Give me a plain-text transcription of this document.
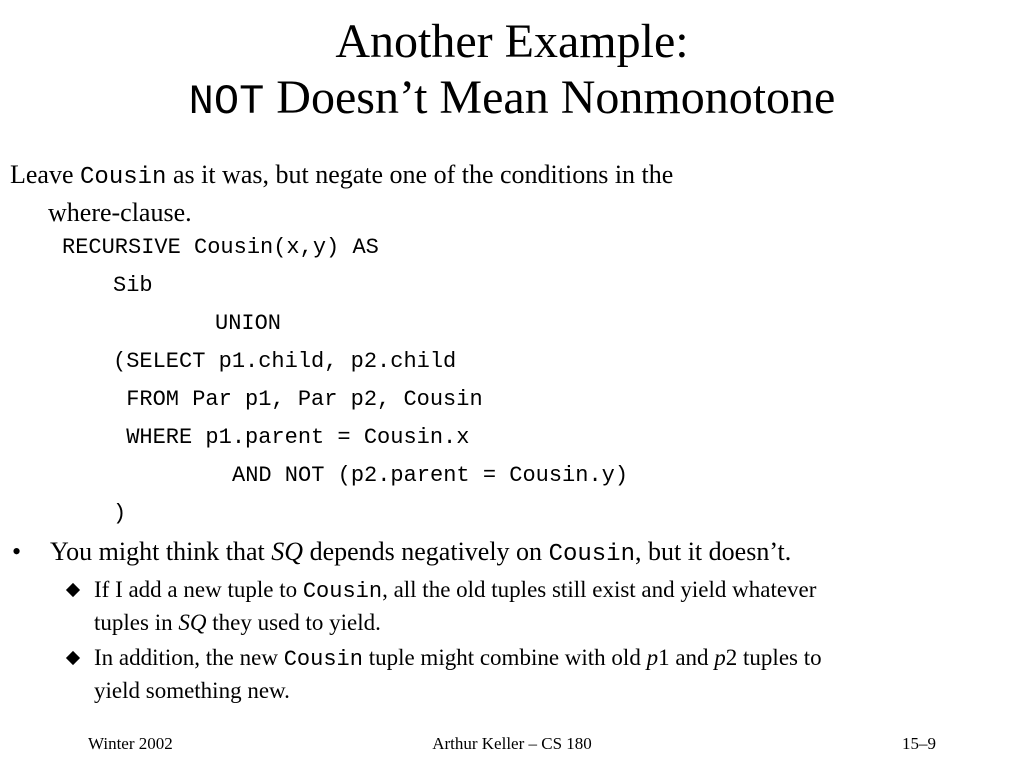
Another Example:
NOT Doesn’t Mean Nonmonotone
Leave Cousin as it was, but negate one of the conditions in the
where-clause.
RECURSIVE Cousin(x,y) AS
Sib
UNION
(SELECT p1.child, p2.child
FROM Par p1, Par p2, Cousin
WHERE p1.parent = Cousin.x
AND NOT (p2.parent = Cousin.y)
)
• You might think that SQ depends negatively on Cousin, but it doesn’t.
If I add a new tuple to Cousin, all the old tuples still exist and yield whatever
tuples in SQ they used to yield.
In addition, the new Cousin tuple might combine with old p1 and p2 tuples to
yield something new.
Winter 2002	Arthur Keller – CS 180	15–9
